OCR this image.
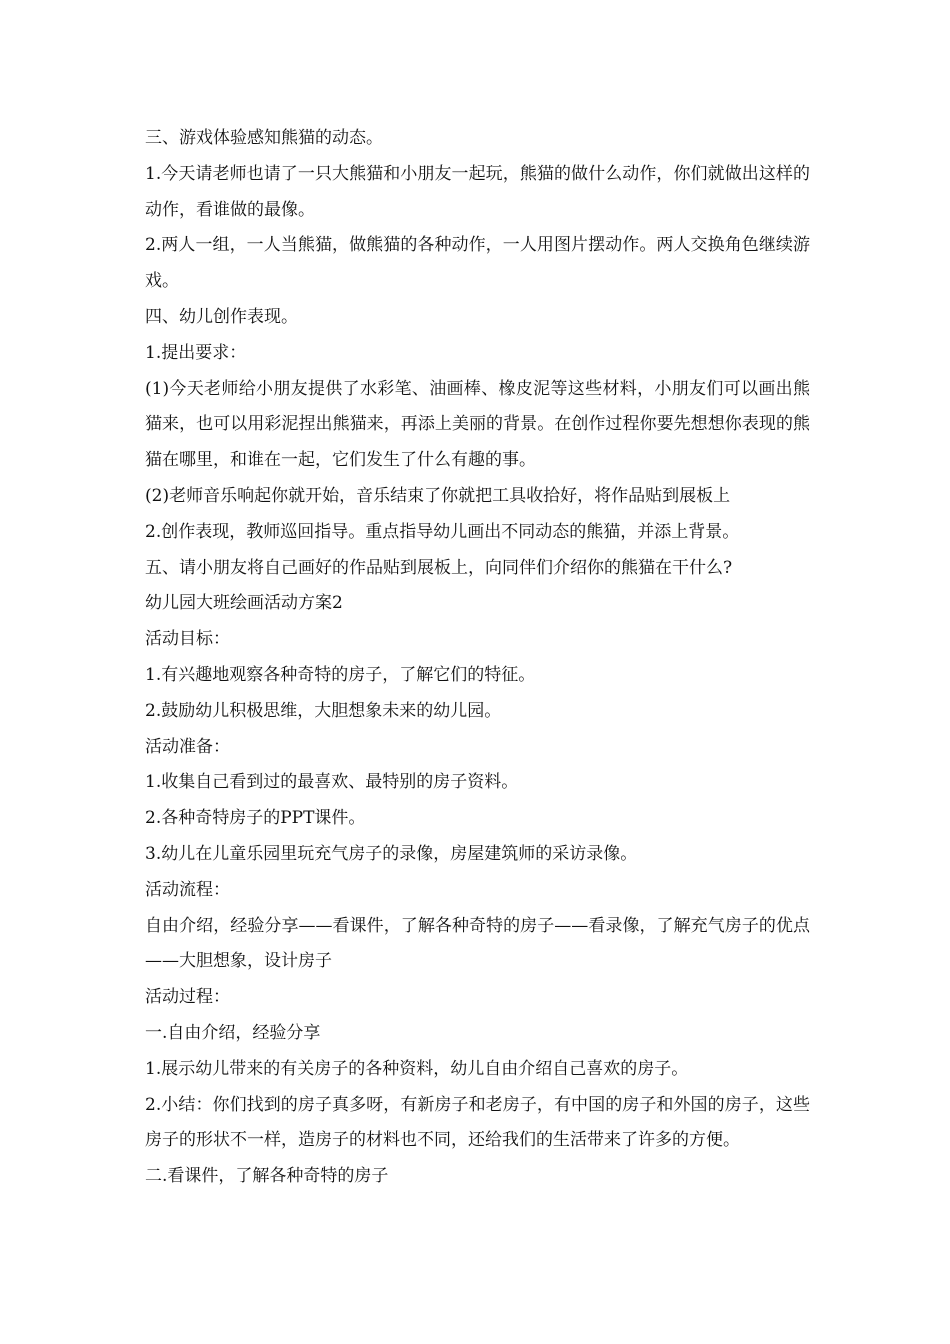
三、游戏体验感知熊猫的动态。

1.今天请老师也请了一只大熊猫和小朋友一起玩，熊猫的做什么动作，你们就做出这样的动作，看谁做的最像。

2.两人一组，一人当熊猫，做熊猫的各种动作，一人用图片摆动作。两人交换角色继续游戏。

四、幼儿创作表现。

1.提出要求：

(1)今天老师给小朋友提供了水彩笔、油画棒、橡皮泥等这些材料，小朋友们可以画出熊猫来，也可以用彩泥捏出熊猫来，再添上美丽的背景。在创作过程你要先想想你表现的熊猫在哪里，和谁在一起，它们发生了什么有趣的事。

(2)老师音乐响起你就开始，音乐结束了你就把工具收拾好，将作品贴到展板上

2.创作表现，教师巡回指导。重点指导幼儿画出不同动态的熊猫，并添上背景。

五、请小朋友将自己画好的作品贴到展板上，向同伴们介绍你的熊猫在干什么?

幼儿园大班绘画活动方案2

活动目标：

1.有兴趣地观察各种奇特的房子，了解它们的特征。

2.鼓励幼儿积极思维，大胆想象未来的幼儿园。

活动准备：

1.收集自己看到过的最喜欢、最特别的房子资料。

2.各种奇特房子的PPT课件。

3.幼儿在儿童乐园里玩充气房子的录像，房屋建筑师的采访录像。

活动流程：

自由介绍，经验分享——看课件，了解各种奇特的房子——看录像，了解充气房子的优点——大胆想象，设计房子

活动过程：

一.自由介绍，经验分享

1.展示幼儿带来的有关房子的各种资料，幼儿自由介绍自己喜欢的房子。

2.小结：你们找到的房子真多呀，有新房子和老房子，有中国的房子和外国的房子，这些房子的形状不一样，造房子的材料也不同，还给我们的生活带来了许多的方便。

二.看课件，了解各种奇特的房子
